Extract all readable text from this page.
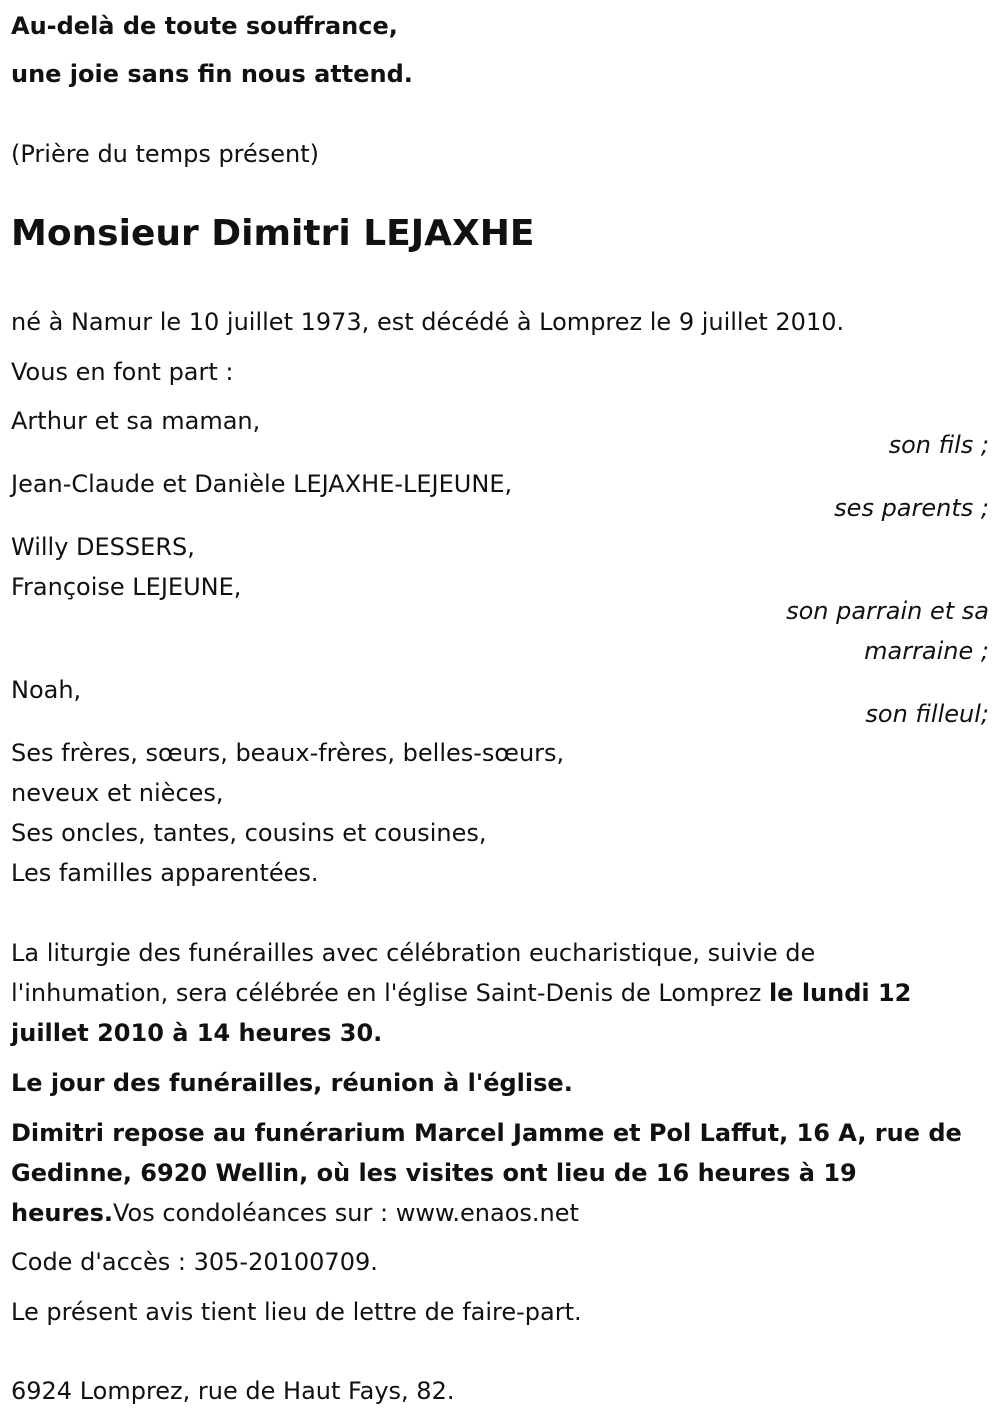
Au-delà de toute souffrance,
une joie sans fin nous attend.
(Prière du temps présent)
Monsieur Dimitri LEJAXHE
né à Namur le 10 juillet 1973, est décédé à Lomprez le 9 juillet 2010.
Vous en font part :
Arthur et sa maman,
son fils ;
Jean-Claude et Danièle LEJAXHE-LEJEUNE,
ses parents ;
Willy DESSERS,
Françoise LEJEUNE,
son parrain et sa
marraine ;
Noah,
son filleul;
Ses frères, sœurs, beaux-frères, belles-sœurs,
neveux et nièces,
Ses oncles, tantes, cousins et cousines,
Les familles apparentées.
La liturgie des funérailles avec célébration eucharistique, suivie de
l'inhumation, sera célébrée en l'église Saint-Denis de Lomprez le lundi 12
juillet 2010 à 14 heures 30.
Le jour des funérailles, réunion à l'église.
Dimitri repose au funérarium Marcel Jamme et Pol Laffut, 16 A, rue de
Gedinne, 6920 Wellin, où les visites ont lieu de 16 heures à 19
heures.Vos condoléances sur : www.enaos.net
Code d'accès : 305-20100709.
Le présent avis tient lieu de lettre de faire-part.
6924 Lomprez, rue de Haut Fays, 82.
